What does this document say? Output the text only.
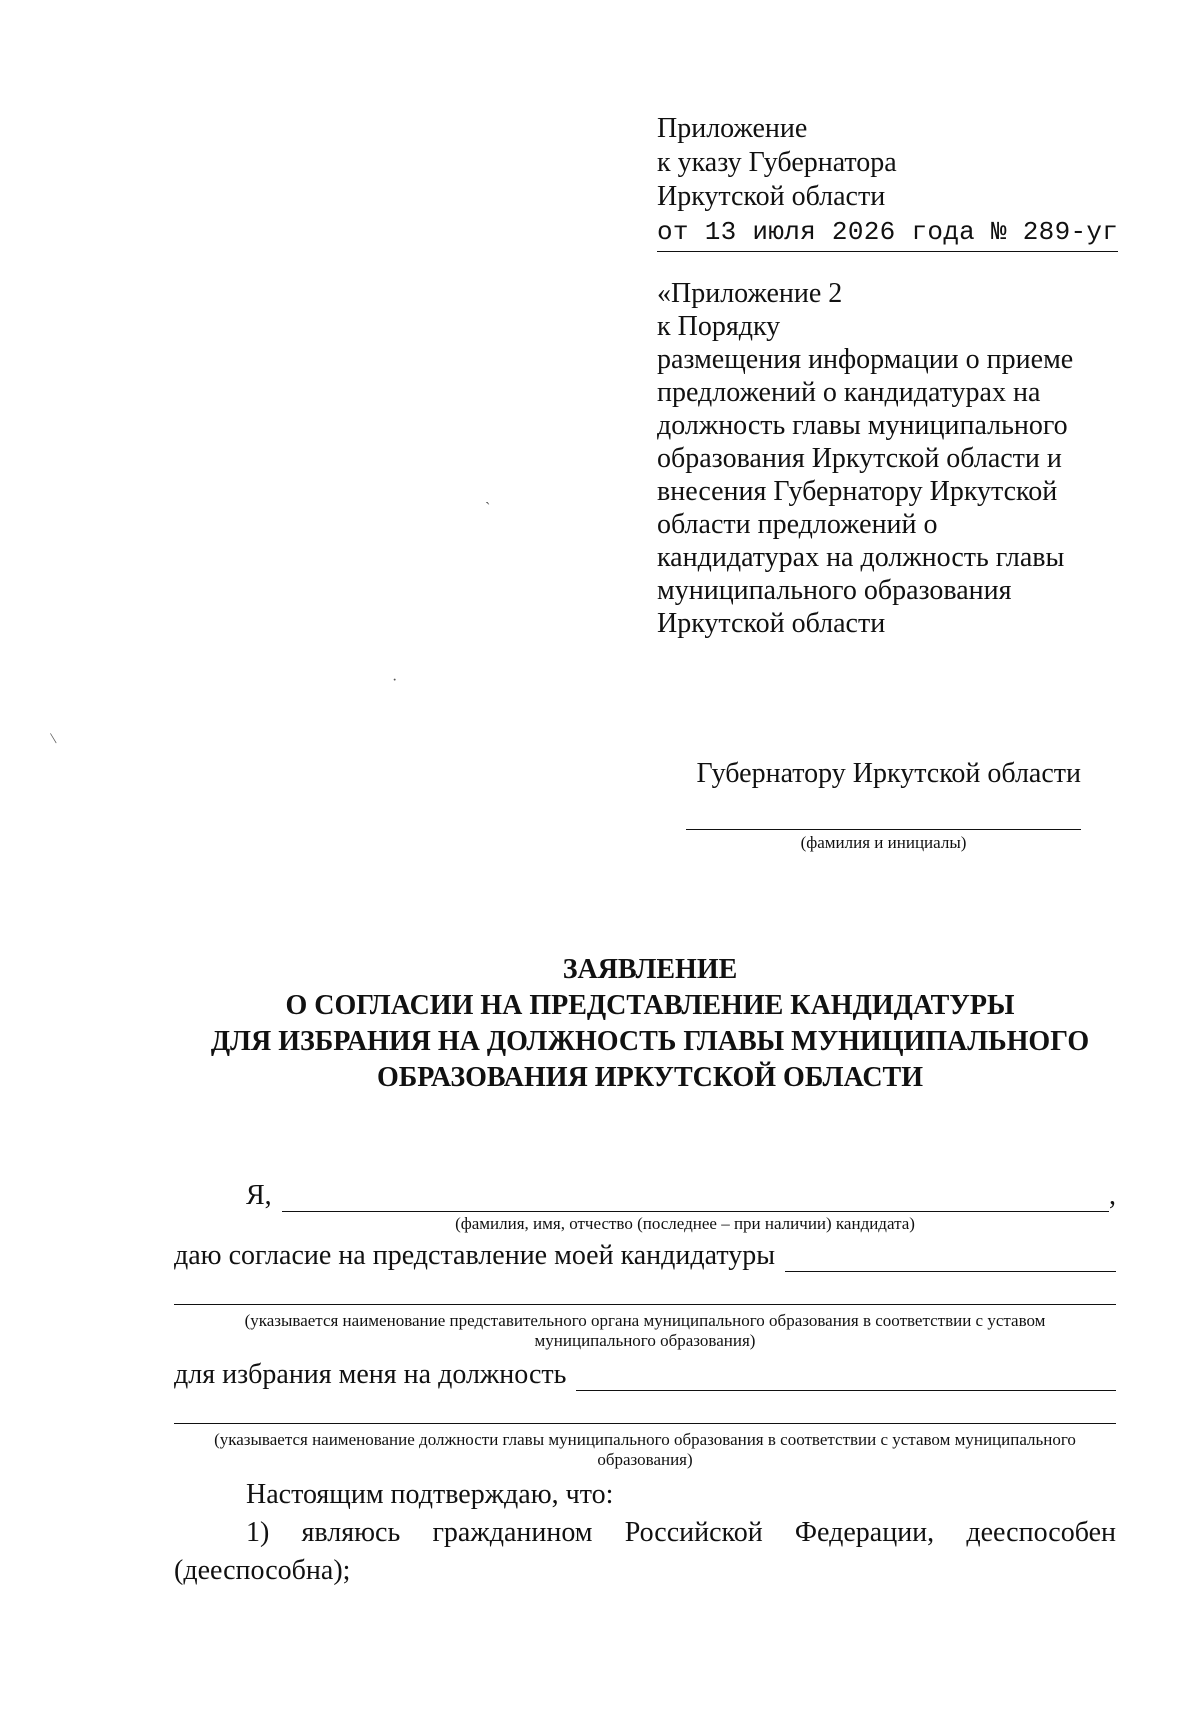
ˏ
·
/
Приложение
к указу Губернатора
Иркутской области
от 13 июля 2026 года № 289-уг
«Приложение 2
к Порядку
размещения информации о приеме
предложений о кандидатурах на
должность главы муниципального
образования Иркутской области и
внесения Губернатору Иркутской
области предложений о
кандидатурах на должность главы
муниципального образования
Иркутской области
Губернатору Иркутской области
(фамилия и инициалы)
ЗАЯВЛЕНИЕ
О СОГЛАСИИ НА ПРЕДСТАВЛЕНИЕ КАНДИДАТУРЫ
ДЛЯ ИЗБРАНИЯ НА ДОЛЖНОСТЬ ГЛАВЫ МУНИЦИПАЛЬНОГО
ОБРАЗОВАНИЯ ИРКУТСКОЙ ОБЛАСТИ
Я,	,
(фамилия, имя, отчество (последнее – при наличии) кандидата)
даю согласие на представление моей кандидатуры
(указывается наименование представительного органа муниципального образования в соответствии с уставом муниципального образования)
для избрания меня на должность
(указывается наименование должности главы муниципального образования в соответствии с уставом муниципального образования)
Настоящим подтверждаю, что:
1) являюсь гражданином Российской Федерации, дееспособен
(дееспособна);
